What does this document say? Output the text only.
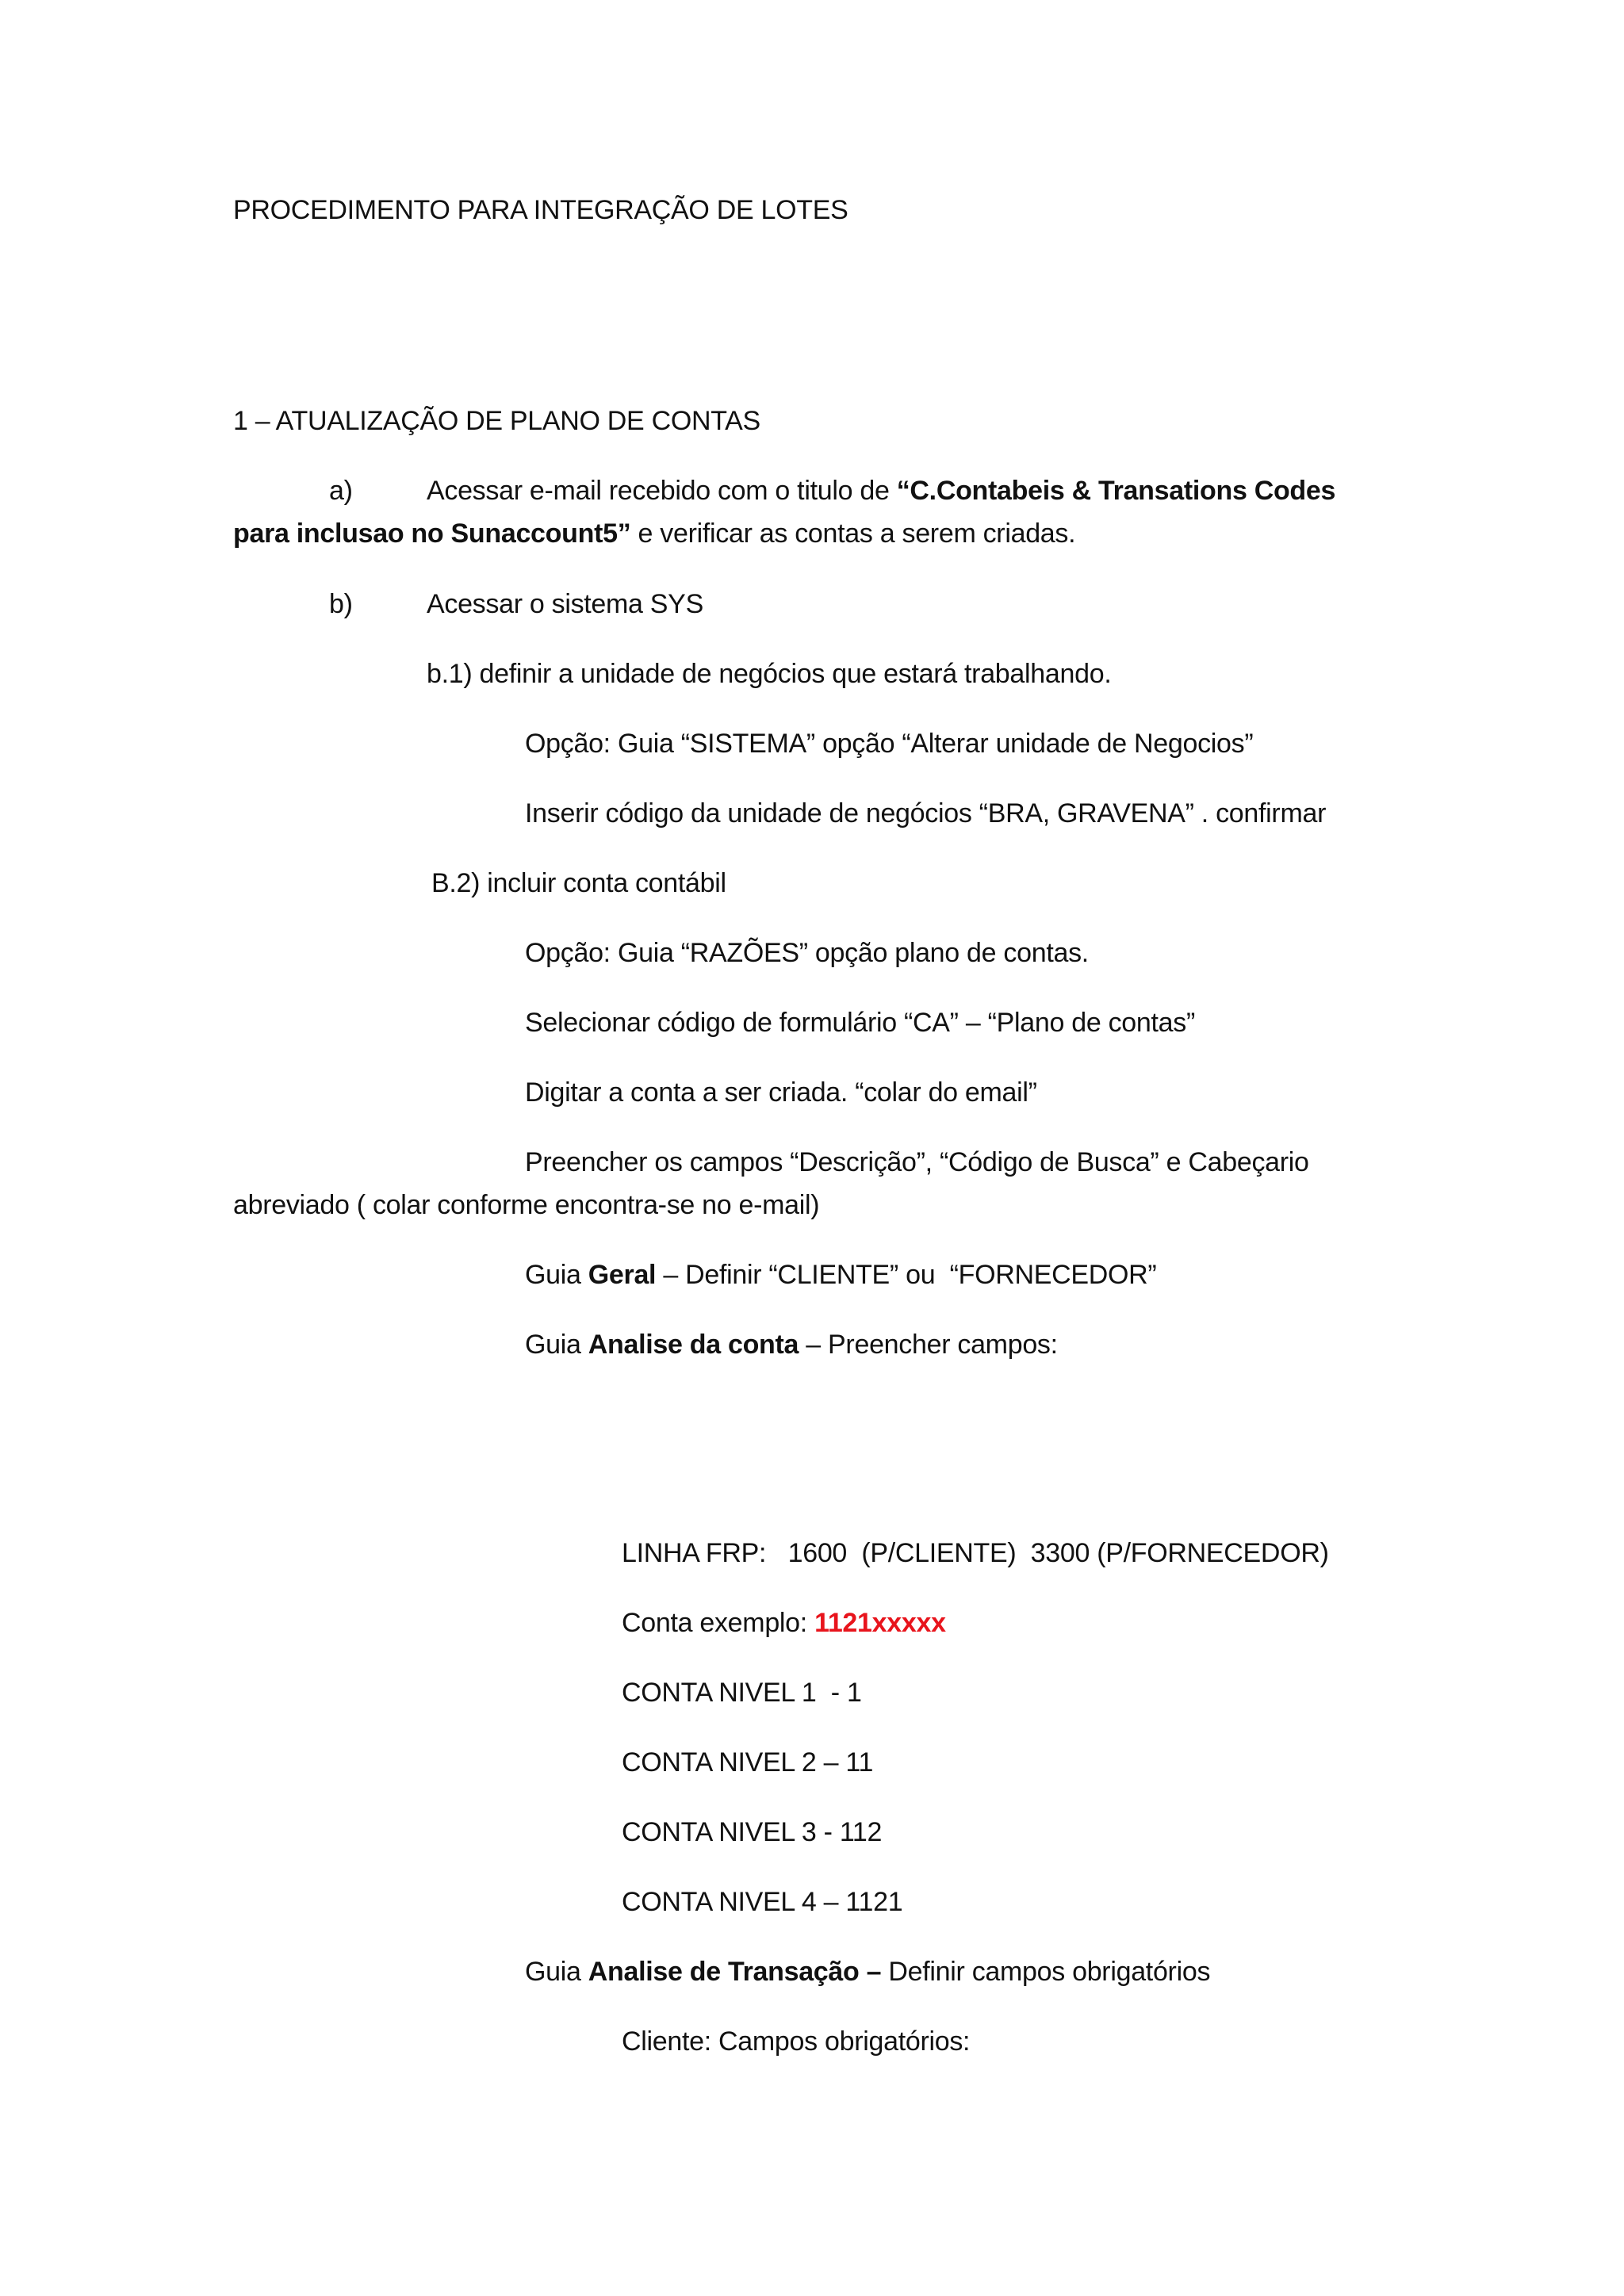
PROCEDIMENTO PARA INTEGRAÇÃO DE LOTES
1 – ATUALIZAÇÃO DE PLANO DE CONTAS
a)	Acessar e-mail recebido com o titulo de “C.Contabeis & Transations Codes
para inclusao no Sunaccount5” e verificar as contas a serem criadas.
b)	Acessar o sistema SYS
b.1) definir a unidade de negócios que estará trabalhando.
Opção: Guia “SISTEMA” opção “Alterar unidade de Negocios”
Inserir código da unidade de negócios “BRA, GRAVENA” . confirmar
B.2) incluir conta contábil
Opção: Guia “RAZÕES” opção plano de contas.
Selecionar código de formulário “CA” – “Plano de contas”
Digitar a conta a ser criada. “colar do email”
Preencher os campos “Descrição”, “Código de Busca” e Cabeçario
abreviado ( colar conforme encontra-se no e-mail)
Guia Geral – Definir “CLIENTE” ou  “FORNECEDOR”
Guia Analise da conta – Preencher campos:
LINHA FRP:   1600  (P/CLIENTE)  3300 (P/FORNECEDOR)
Conta exemplo: 1121xxxxx
CONTA NIVEL 1  - 1
CONTA NIVEL 2 – 11
CONTA NIVEL 3 - 112
CONTA NIVEL 4 – 1121
Guia Analise de Transação – Definir campos obrigatórios
Cliente: Campos obrigatórios:
